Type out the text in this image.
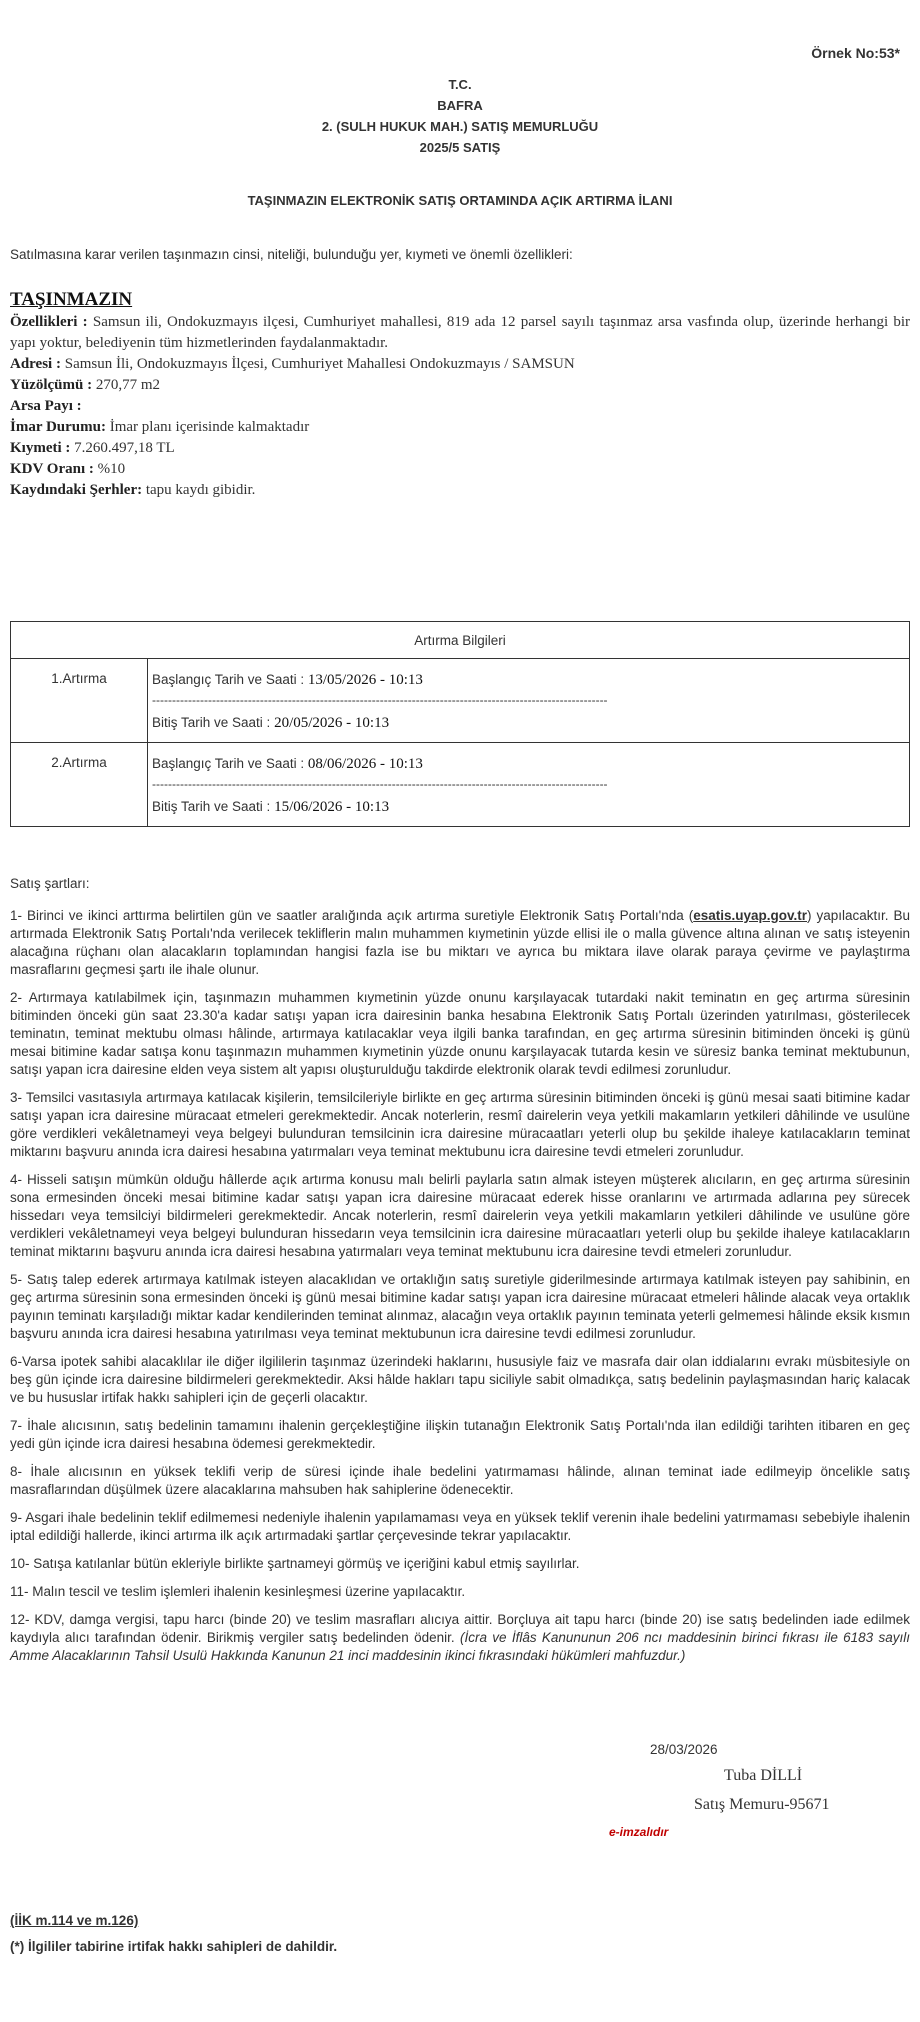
Örnek No:53*
T.C.
BAFRA
2. (SULH HUKUK MAH.) SATIŞ MEMURLUĞU
2025/5 SATIŞ
TAŞINMAZIN ELEKTRONİK SATIŞ ORTAMINDA AÇIK ARTIRMA İLANI
Satılmasına karar verilen taşınmazın cinsi, niteliği, bulunduğu yer, kıymeti ve önemli özellikleri:
TAŞINMAZIN
Özellikleri : Samsun ili, Ondokuzmayıs ilçesi, Cumhuriyet mahallesi, 819 ada 12 parsel sayılı taşınmaz arsa vasfında olup, üzerinde herhangi bir yapı yoktur, belediyenin tüm hizmetlerinden faydalanmaktadır.
Adresi : Samsun İli, Ondokuzmayıs İlçesi, Cumhuriyet Mahallesi Ondokuzmayıs / SAMSUN
Yüzölçümü : 270,77 m2
Arsa Payı :
İmar Durumu: İmar planı içerisinde kalmaktadır
Kıymeti : 7.260.497,18 TL
KDV Oranı : %10
Kaydındaki Şerhler: tapu kaydı gibidir.
Artırma Bilgileri	
1.Artırma	Başlangıç Tarih ve Saati : 13/05/2026 - 10:13
------------------------------------------------------------------------------------------------------------------
Bitiş Tarih ve Saati : 20/05/2026 - 10:13

2.Artırma	Başlangıç Tarih ve Saati : 08/06/2026 - 10:13
------------------------------------------------------------------------------------------------------------------
Bitiş Tarih ve Saati : 15/06/2026 - 10:13

Satış şartları:

1- Birinci ve ikinci arttırma belirtilen gün ve saatler aralığında açık artırma suretiyle Elektronik Satış Portalı'nda (esatis.uyap.gov.tr) yapılacaktır. Bu artırmada Elektronik Satış Portalı'nda verilecek tekliflerin malın muhammen kıymetinin yüzde ellisi ile o malla güvence altına alınan ve satış isteyenin alacağına rüçhanı olan alacakların toplamından hangisi fazla ise bu miktarı ve ayrıca bu miktara ilave olarak paraya çevirme ve paylaştırma masraflarını geçmesi şartı ile ihale olunur.

2- Artırmaya katılabilmek için, taşınmazın muhammen kıymetinin yüzde onunu karşılayacak tutardaki nakit teminatın en geç artırma süresinin bitiminden önceki gün saat 23.30'a kadar satışı yapan icra dairesinin banka hesabına Elektronik Satış Portalı üzerinden yatırılması, gösterilecek teminatın, teminat mektubu olması hâlinde, artırmaya katılacaklar veya ilgili banka tarafından, en geç artırma süresinin bitiminden önceki iş günü mesai bitimine kadar satışa konu taşınmazın muhammen kıymetinin yüzde onunu karşılayacak tutarda kesin ve süresiz banka teminat mektubunun, satışı yapan icra dairesine elden veya sistem alt yapısı oluşturulduğu takdirde elektronik olarak tevdi edilmesi zorunludur.

3- Temsilci vasıtasıyla artırmaya katılacak kişilerin, temsilcileriyle birlikte en geç artırma süresinin bitiminden önceki iş günü mesai saati bitimine kadar satışı yapan icra dairesine müracaat etmeleri gerekmektedir. Ancak noterlerin, resmî dairelerin veya yetkili makamların yetkileri dâhilinde ve usulüne göre verdikleri vekâletnameyi veya belgeyi bulunduran temsilcinin icra dairesine müracaatları yeterli olup bu şekilde ihaleye katılacakların teminat miktarını başvuru anında icra dairesi hesabına yatırmaları veya teminat mektubunu icra dairesine tevdi etmeleri zorunludur.

4- Hisseli satışın mümkün olduğu hâllerde açık artırma konusu malı belirli paylarla satın almak isteyen müşterek alıcıların, en geç artırma süresinin sona ermesinden önceki mesai bitimine kadar satışı yapan icra dairesine müracaat ederek hisse oranlarını ve artırmada adlarına pey sürecek hissedarı veya temsilciyi bildirmeleri gerekmektedir. Ancak noterlerin, resmî dairelerin veya yetkili makamların yetkileri dâhilinde ve usulüne göre verdikleri vekâletnameyi veya belgeyi bulunduran hissedarın veya temsilcinin icra dairesine müracaatları yeterli olup bu şekilde ihaleye katılacakların teminat miktarını başvuru anında icra dairesi hesabına yatırmaları veya teminat mektubunu icra dairesine tevdi etmeleri zorunludur.

5- Satış talep ederek artırmaya katılmak isteyen alacaklıdan ve ortaklığın satış suretiyle giderilmesinde artırmaya katılmak isteyen pay sahibinin, en geç artırma süresinin sona ermesinden önceki iş günü mesai bitimine kadar satışı yapan icra dairesine müracaat etmeleri hâlinde alacak veya ortaklık payının teminatı karşıladığı miktar kadar kendilerinden teminat alınmaz, alacağın veya ortaklık payının teminata yeterli gelmemesi hâlinde eksik kısmın başvuru anında icra dairesi hesabına yatırılması veya teminat mektubunun icra dairesine tevdi edilmesi zorunludur.

6-Varsa ipotek sahibi alacaklılar ile diğer ilgililerin taşınmaz üzerindeki haklarını, hususiyle faiz ve masrafa dair olan iddialarını evrakı müsbitesiyle on beş gün içinde icra dairesine bildirmeleri gerekmektedir. Aksi hâlde hakları tapu siciliyle sabit olmadıkça, satış bedelinin paylaşmasından hariç kalacak ve bu hususlar irtifak hakkı sahipleri için de geçerli olacaktır.

7- İhale alıcısının, satış bedelinin tamamını ihalenin gerçekleştiğine ilişkin tutanağın Elektronik Satış Portalı'nda ilan edildiği tarihten itibaren en geç yedi gün içinde icra dairesi hesabına ödemesi gerekmektedir.

8- İhale alıcısının en yüksek teklifi verip de süresi içinde ihale bedelini yatırmaması hâlinde, alınan teminat iade edilmeyip öncelikle satış masraflarından düşülmek üzere alacaklarına mahsuben hak sahiplerine ödenecektir.

9- Asgari ihale bedelinin teklif edilmemesi nedeniyle ihalenin yapılamaması veya en yüksek teklif verenin ihale bedelini yatırmaması sebebiyle ihalenin iptal edildiği hallerde, ikinci artırma ilk açık artırmadaki şartlar çerçevesinde tekrar yapılacaktır.

10- Satışa katılanlar bütün ekleriyle birlikte şartnameyi görmüş ve içeriğini kabul etmiş sayılırlar.

11- Malın tescil ve teslim işlemleri ihalenin kesinleşmesi üzerine yapılacaktır.

12- KDV, damga vergisi, tapu harcı (binde 20) ve teslim masrafları alıcıya aittir. Borçluya ait tapu harcı (binde 20) ise satış bedelinden iade edilmek kaydıyla alıcı tarafından ödenir. Birikmiş vergiler satış bedelinden ödenir. (İcra ve İflâs Kanununun 206 ncı maddesinin birinci fıkrası ile 6183 sayılı Amme Alacaklarının Tahsil Usulü Hakkında Kanunun 21 inci maddesinin ikinci fıkrasındaki hükümleri mahfuzdur.)

28/03/2026
Tuba DİLLİ
Satış Memuru-95671
e-imzalıdır
(İİK m.114 ve m.126)
(*) İlgililer tabirine irtifak hakkı sahipleri de dahildir.
